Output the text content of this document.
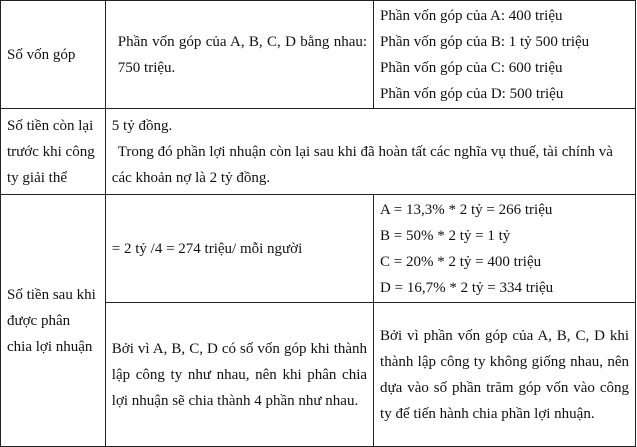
Số vốn góp	Phần vốn góp của A, B, C, D bằng nhau: 750 triệu.	Phần vốn góp của A: 400 triệu
Phần vốn góp của B: 1 tỷ 500 triệu
Phần vốn góp của C: 600 triệu
Phần vốn góp của D: 500 triệu

Số tiền còn lại trước khi công ty giải thể	5 tỷ đồng.
Trong đó phần lợi nhuận còn lại sau khi đã hoàn tất các nghĩa vụ thuế, tài chính và các khoản nợ là 2 tỷ đồng.	

Số tiền sau khi được phân chia lợi nhuận	= 2 tỷ /4 = 274 triệu/ mỗi người	A = 13,3% * 2 tỷ = 266 triệu
B = 50% * 2 tỷ = 1 tỷ
C = 20% * 2 tỷ = 400 triệu
D = 16,7% * 2 tỷ = 334 triệu

	Bởi vì A, B, C, D có số vốn góp khi thành lập công ty như nhau, nên khi phân chia lợi nhuận sẽ chia thành 4 phần như nhau.	Bởi vì phần vốn góp của A, B, C, D khi thành lập công ty không giống nhau, nên dựa vào số phần trăm góp vốn vào công ty để tiến hành chia phần lợi nhuận.
